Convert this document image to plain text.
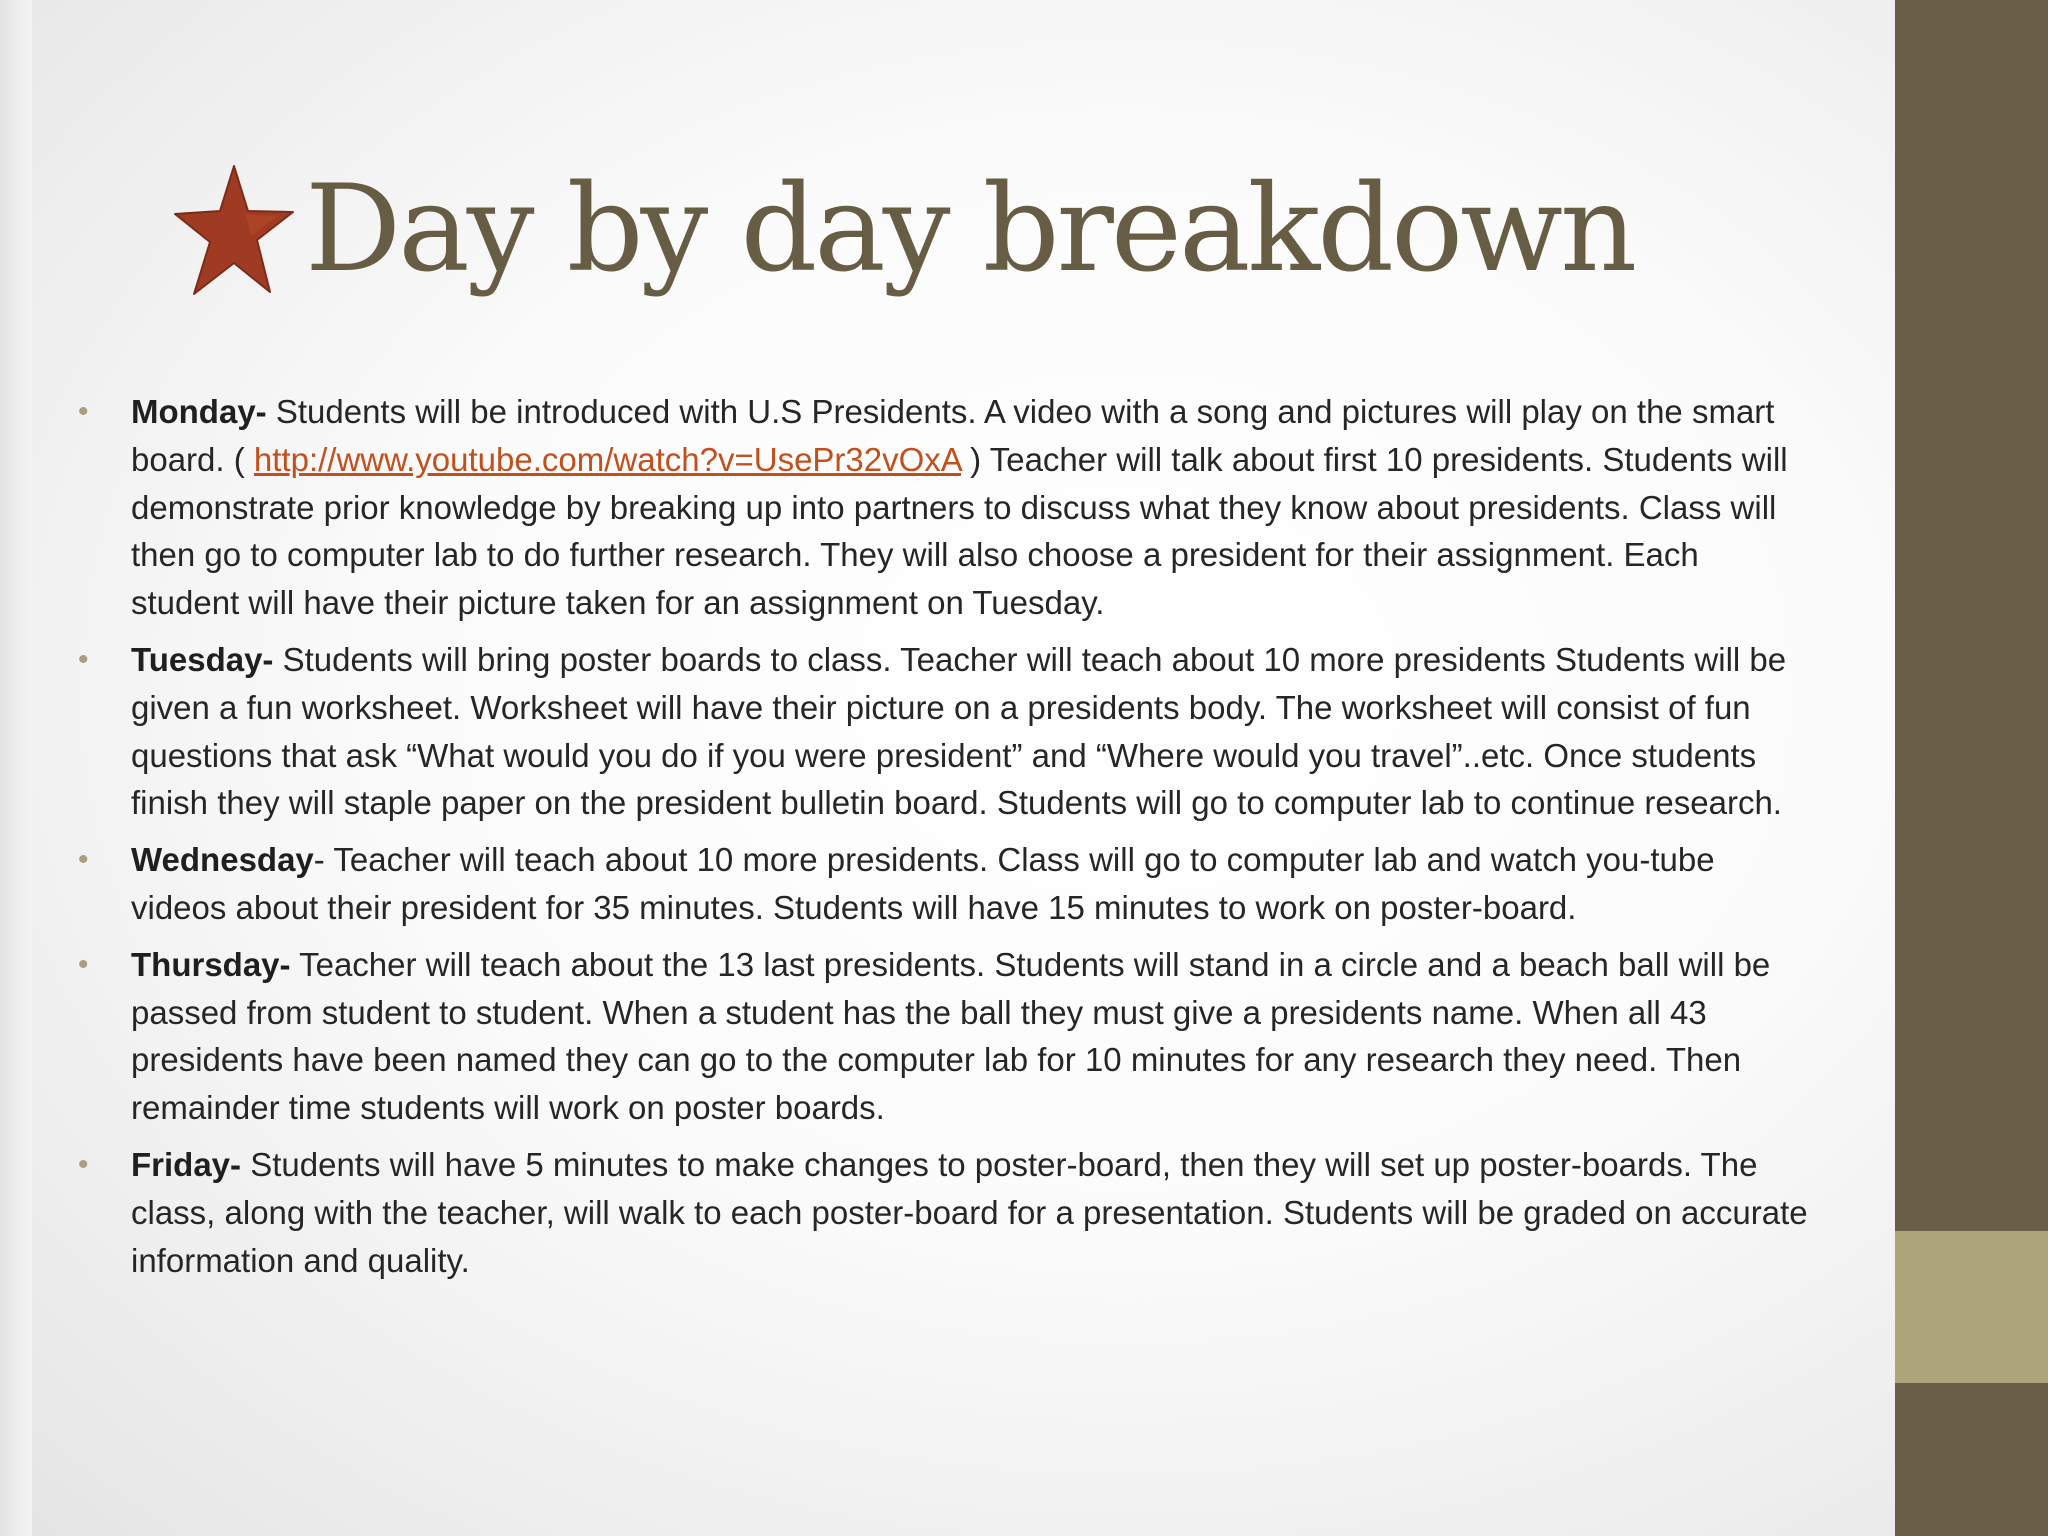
Day by day breakdown
• Monday- Students will be introduced with U.S Presidents. A video with a song and pictures will play on the smart board. ( http://www.youtube.com/watch?v=UsePr32vOxA ) Teacher will talk about first 10 presidents. Students will demonstrate prior knowledge by breaking up into partners to discuss what they know about presidents. Class will then go to computer lab to do further research. They will also choose a president for their assignment. Each student will have their picture taken for an assignment on Tuesday.
• Tuesday- Students will bring poster boards to class. Teacher will teach about 10 more presidents Students will be given a fun worksheet. Worksheet will have their picture on a presidents body. The worksheet will consist of fun questions that ask “What would you do if you were president” and “Where would you travel”..etc. Once students finish they will staple paper on the president bulletin board. Students will go to computer lab to continue research.
• Wednesday- Teacher will teach about 10 more presidents. Class will go to computer lab and watch you-tube videos about their president for 35 minutes. Students will have 15 minutes to work on poster-board.
• Thursday- Teacher will teach about the 13 last presidents. Students will stand in a circle and a beach ball will be passed from student to student. When a student has the ball they must give a presidents name. When all 43 presidents have been named they can go to the computer lab for 10 minutes for any research they need. Then remainder time students will work on poster boards.
• Friday- Students will have 5 minutes to make changes to poster-board, then they will set up poster-boards. The class, along with the teacher, will walk to each poster-board for a presentation. Students will be graded on accurate information and quality.
